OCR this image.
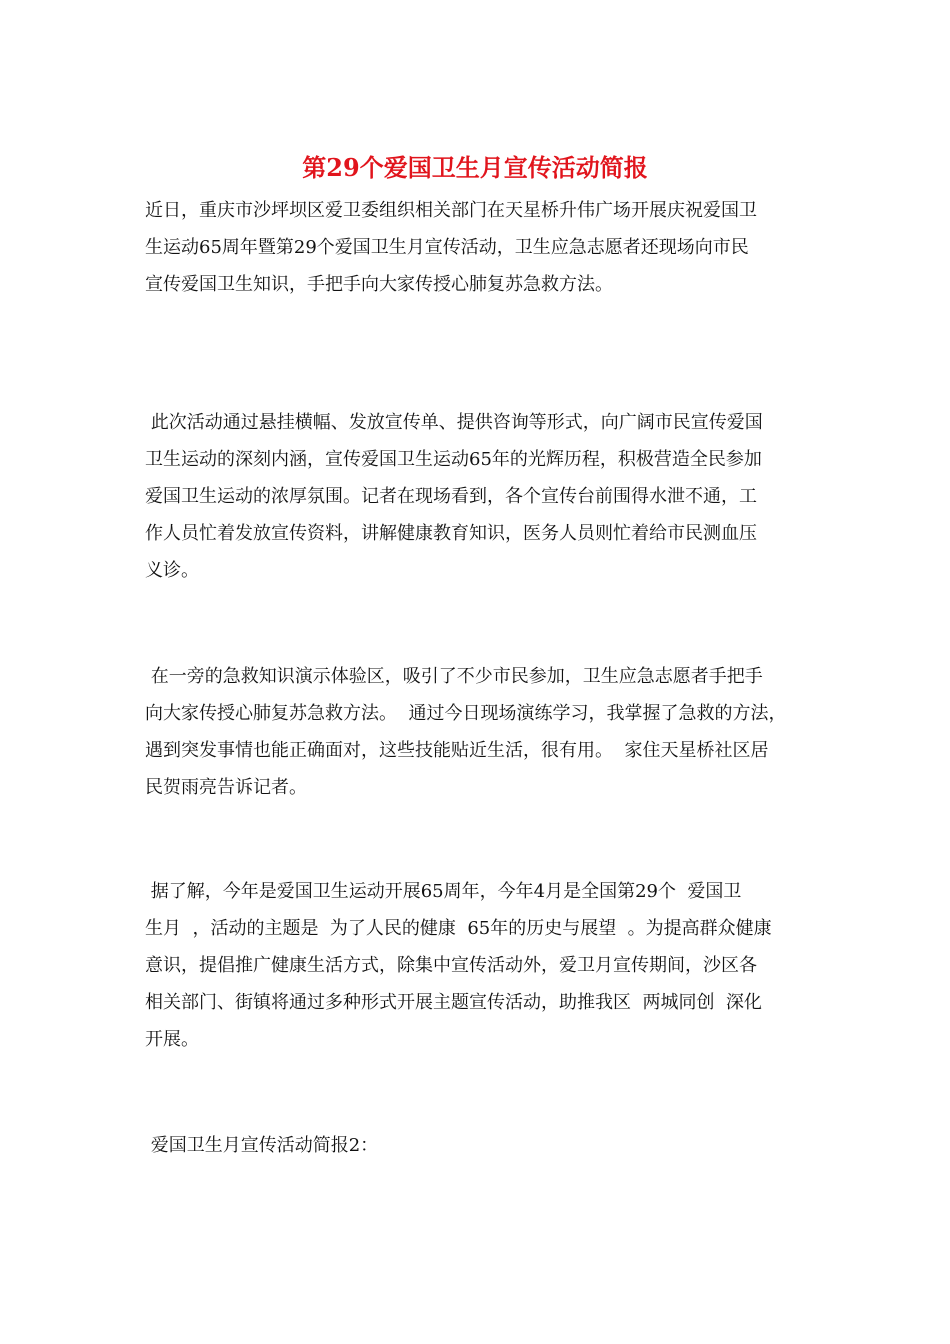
第29个爱国卫生月宣传活动简报
近日，重庆市沙坪坝区爱卫委组织相关部门在天星桥升伟广场开展庆祝爱国卫
生运动65周年暨第29个爱国卫生月宣传活动，卫生应急志愿者还现场向市民
宣传爱国卫生知识，手把手向大家传授心肺复苏急救方法。
此次活动通过悬挂横幅、发放宣传单、提供咨询等形式，向广阔市民宣传爱国
卫生运动的深刻内涵，宣传爱国卫生运动65年的光辉历程，积极营造全民参加
爱国卫生运动的浓厚氛围。记者在现场看到，各个宣传台前围得水泄不通，工
作人员忙着发放宣传资料，讲解健康教育知识，医务人员则忙着给市民测血压
义诊。
在一旁的急救知识演示体验区，吸引了不少市民参加，卫生应急志愿者手把手
向大家传授心肺复苏急救方法。  通过今日现场演练学习，我掌握了急救的方法，
遇到突发事情也能正确面对，这些技能贴近生活，很有用。  家住天星桥社区居
民贺雨亮告诉记者。
据了解，今年是爱国卫生运动开展65周年，今年4月是全国第29个  爱国卫
生月  ，活动的主题是  为了人民的健康  65年的历史与展望  。为提高群众健康
意识，提倡推广健康生活方式，除集中宣传活动外，爱卫月宣传期间，沙区各
相关部门、街镇将通过多种形式开展主题宣传活动，助推我区  两城同创  深化
开展。
爱国卫生月宣传活动简报2：
